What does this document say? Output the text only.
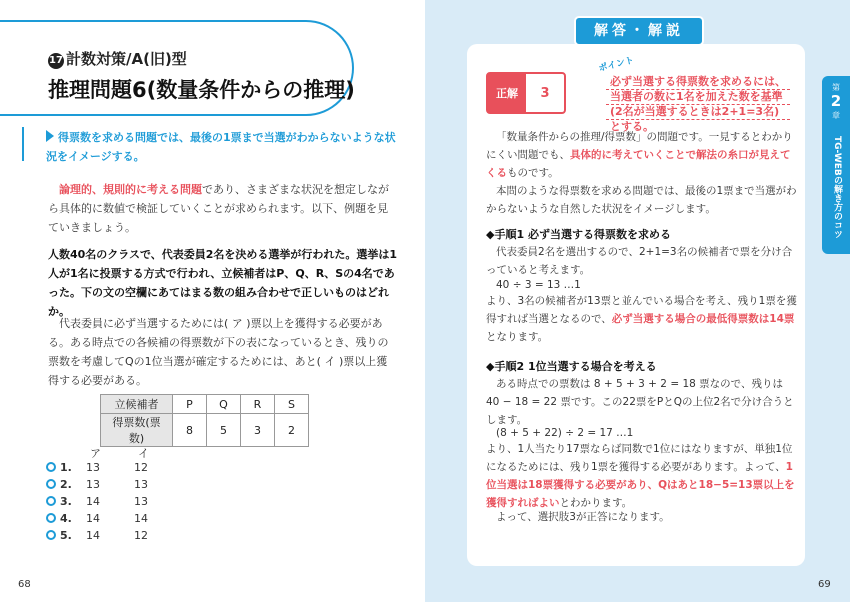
17 計数対策/A(旧)型
推理問題6(数量条件からの推理)
得票数を求める問題では、最後の1票まで当選がわからないような状況をイメージする。
論理的、規則的に考える問題であり、さまざまな状況を想定しながら具体的に数値で検証していくことが求められます。以下、例題を見ていきましょう。
人数40名のクラスで、代表委員2名を決める選挙が行われた。選挙は1人が1名に投票する方式で行われ、立候補者はP、Q、R、Sの4名であった。下の文の空欄にあてはまる数の組み合わせで正しいものはどれか。
代表委員に必ず当選するためには( ア )票以上を獲得する必要がある。ある時点での各候補の得票数が下の表になっているとき、残りの票数を考慮してQの1位当選が確定するためには、あと( イ )票以上獲得する必要がある。
立候補者	P	Q	R	S
得票数(票数)	8	5	3	2
ア	イ
1. 13	12
2. 13	13
3. 14	13
4. 14	14
5. 14	12
68
解答・解説
正解	3
ポイント
必ず当選する得票数を求めるには、当選者の数に1名を加えた数を基準(2名が当選するときは2+1=3名)とする。
「数量条件からの推理/得票数」の問題です。一見するとわかりにくい問題でも、具体的に考えていくことで解法の糸口が見えてくるものです。
本問のような得票数を求める問題では、最後の1票まで当選がわからないような自然した状況をイメージします。
◆手順1 必ず当選する得票数を求める
代表委員2名を選出するので、2+1=3名の候補者で票を分け合っていると考えます。
40 ÷ 3 = 13 …1
より、3名の候補者が13票と並んでいる場合を考え、残り1票を獲得すれば当選となるので、必ず当選する場合の最低得票数は14票となります。
◆手順2 1位当選する場合を考える
ある時点での票数は 8 + 5 + 3 + 2 = 18 票なので、残りは 40 − 18 = 22 票です。この22票をPとQの上位2名で分け合うとします。
(8 + 5 + 22) ÷ 2 = 17 …1
より、1人当たり17票ならば同数で1位にはなりますが、単独1位になるためには、残り1票を獲得する必要があります。よって、1位当選は18票獲得する必要があり、Qはあと18−5=13票以上を獲得すればよいとわかります。
よって、選択肢3が正答になります。
第
2
章
TG-WEBの解き方のコツ
69
